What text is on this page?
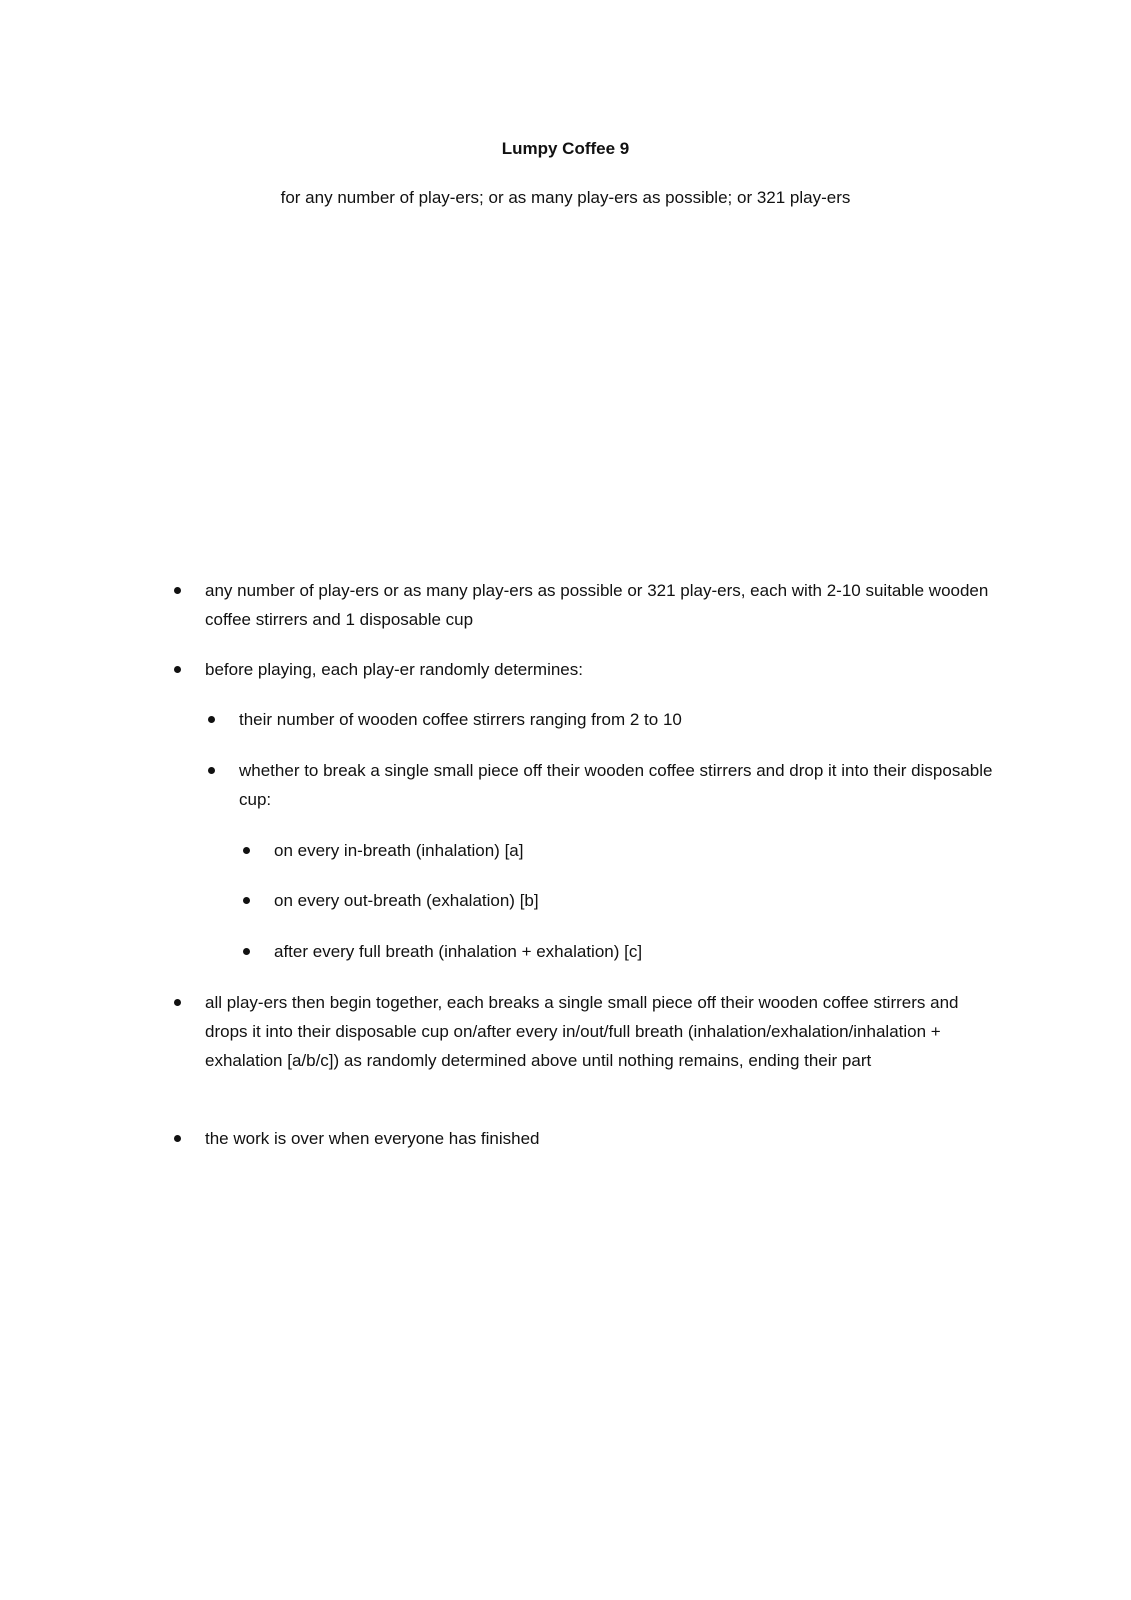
Lumpy Coffee 9
for any number of play-ers; or as many play-ers as possible; or 321 play-ers
any number of play-ers or as many play-ers as possible or 321 play-ers, each with 2-10 suitable wooden coffee stirrers and 1 disposable cup
before playing, each play-er randomly determines:
their number of wooden coffee stirrers ranging from 2 to 10
whether to break a single small piece off their wooden coffee stirrers and drop it into their disposable cup:
on every in-breath (inhalation) [a]
on every out-breath (exhalation) [b]
after every full breath (inhalation + exhalation) [c]
all play-ers then begin together, each breaks a single small piece off their wooden coffee stirrers and drops it into their disposable cup on/after every in/out/full breath (inhalation/exhalation/inhalation + exhalation [a/b/c]) as randomly determined above until nothing remains, ending their part
the work is over when everyone has finished
